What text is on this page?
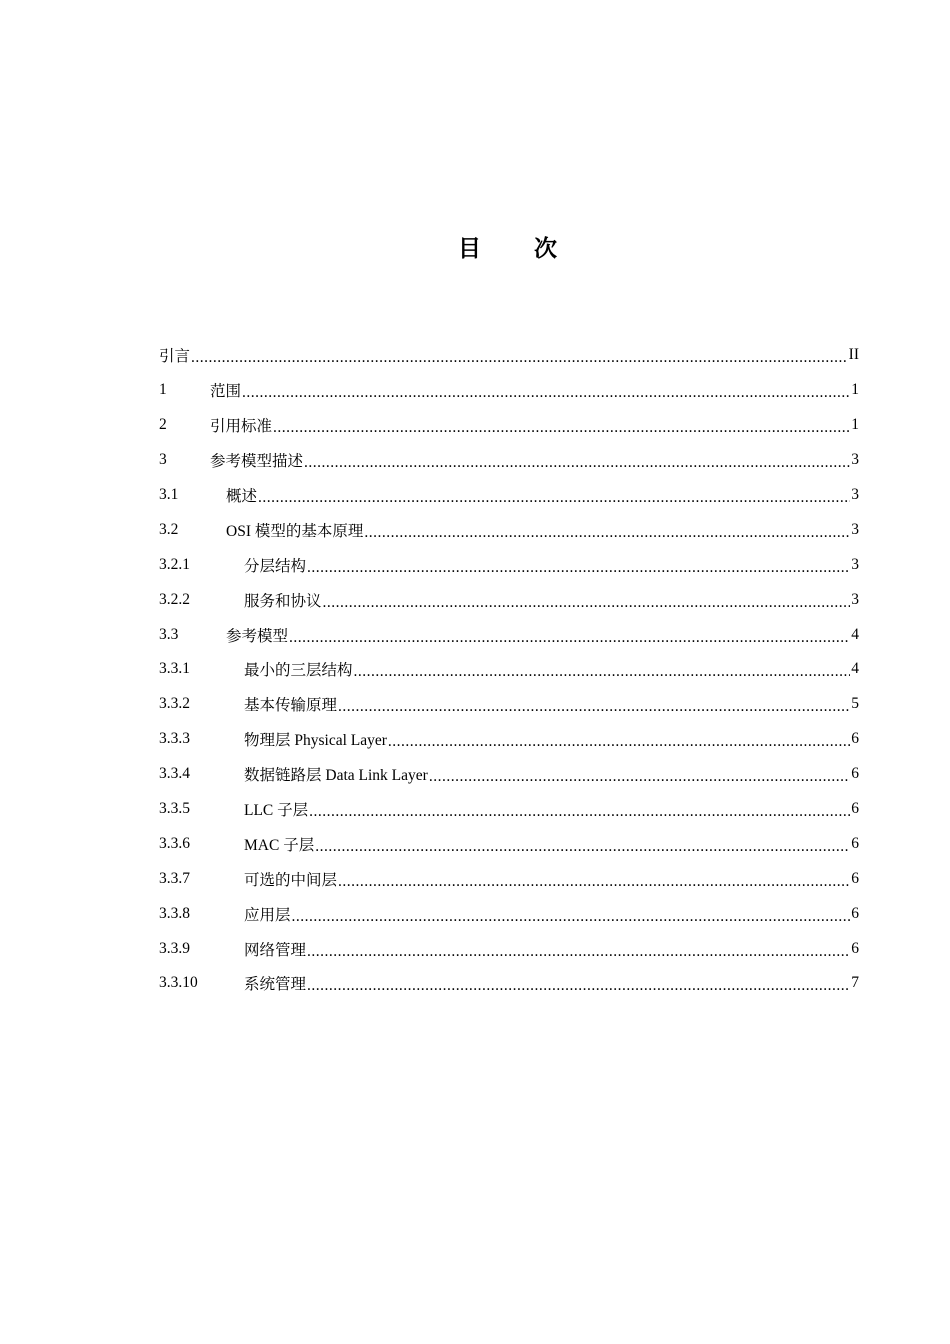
目 次
引言 .....	II
1	范围 .....	1
2	引用标准 .....	1
3	参考模型描述 .....	3
3.1	概述 .....	3
3.2	OSI 模型的基本原理 .....	3
3.2.1	分层结构 .....	3
3.2.2	服务和协议 .....	3
3.3	参考模型 .....	4
3.3.1	最小的三层结构 .....	4
3.3.2	基本传输原理 .....	5
3.3.3	物理层 Physical Layer .....	6
3.3.4	数据链路层 Data Link Layer .....	6
3.3.5	LLC 子层 .....	6
3.3.6	MAC 子层 .....	6
3.3.7	可选的中间层 .....	6
3.3.8	应用层 .....	6
3.3.9	网络管理 .....	6
3.3.10	系统管理 .....	7
